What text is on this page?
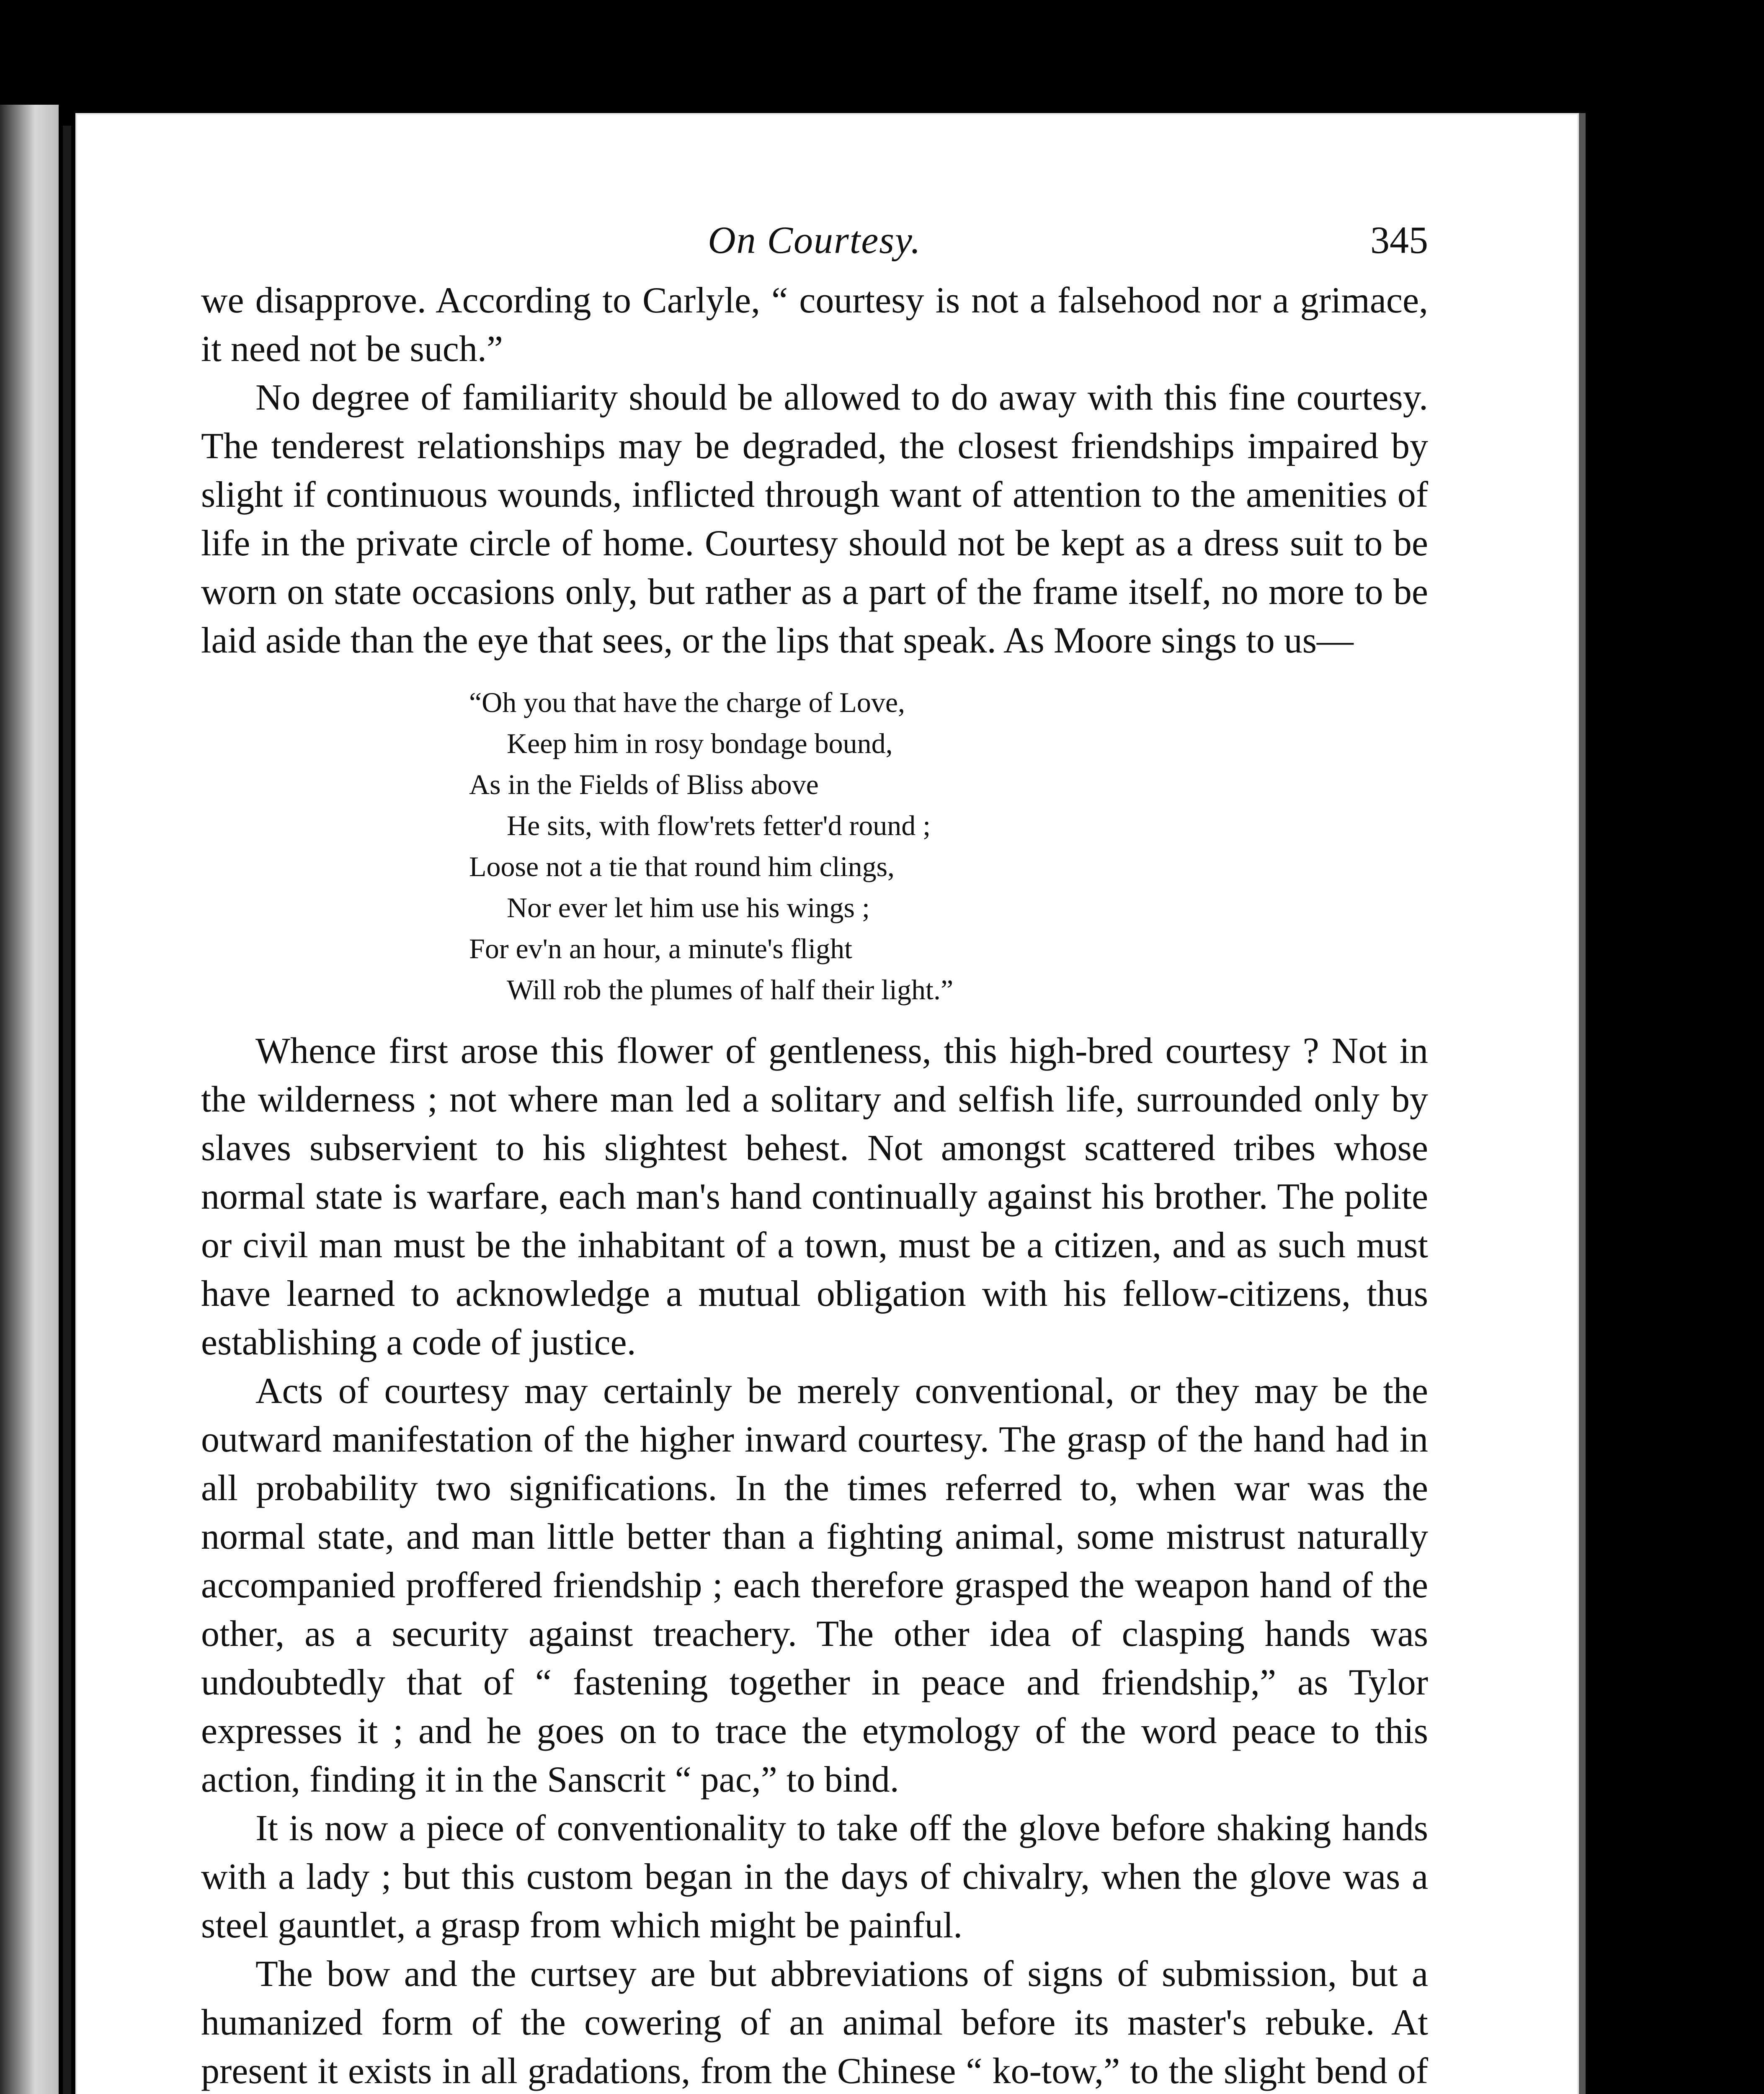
On Courtesy.	345

we disapprove. According to Carlyle, “ courtesy is not a falsehood nor a grimace, it need not be such.”

No degree of familiarity should be allowed to do away with this fine courtesy. The tenderest relationships may be degraded, the closest friendships impaired by slight if continuous wounds, inflicted through want of attention to the amenities of life in the private circle of home. Courtesy should not be kept as a dress suit to be worn on state occasions only, but rather as a part of the frame itself, no more to be laid aside than the eye that sees, or the lips that speak. As Moore sings to us—

“Oh you that have the charge of Love,
Keep him in rosy bondage bound,
As in the Fields of Bliss above
He sits, with flow'rets fetter'd round ;
Loose not a tie that round him clings,
Nor ever let him use his wings ;
For ev'n an hour, a minute's flight
Will rob the plumes of half their light.”

Whence first arose this flower of gentleness, this high-bred courtesy ? Not in the wilderness ; not where man led a solitary and selfish life, surrounded only by slaves subservient to his slightest behest. Not amongst scattered tribes whose normal state is warfare, each man's hand continually against his brother. The polite or civil man must be the inhabitant of a town, must be a citizen, and as such must have learned to acknowledge a mutual obligation with his fellow-citizens, thus establishing a code of justice.

Acts of courtesy may certainly be merely conventional, or they may be the outward manifestation of the higher inward courtesy. The grasp of the hand had in all probability two significations. In the times referred to, when war was the normal state, and man little better than a fighting animal, some mistrust naturally accompanied proffered friendship ; each therefore grasped the weapon hand of the other, as a security against treachery. The other idea of clasping hands was undoubtedly that of “ fastening together in peace and friendship,” as Tylor expresses it ; and he goes on to trace the etymology of the word peace to this action, finding it in the Sanscrit “ pac,” to bind.

It is now a piece of conventionality to take off the glove before shaking hands with a lady ; but this custom began in the days of chivalry, when the glove was a steel gauntlet, a grasp from which might be painful.

The bow and the curtsey are but abbreviations of signs of submission, but a humanized form of the cowering of an animal before its master's rebuke. At present it exists in all gradations, from the Chinese “ ko-tow,” to the slight bend of
